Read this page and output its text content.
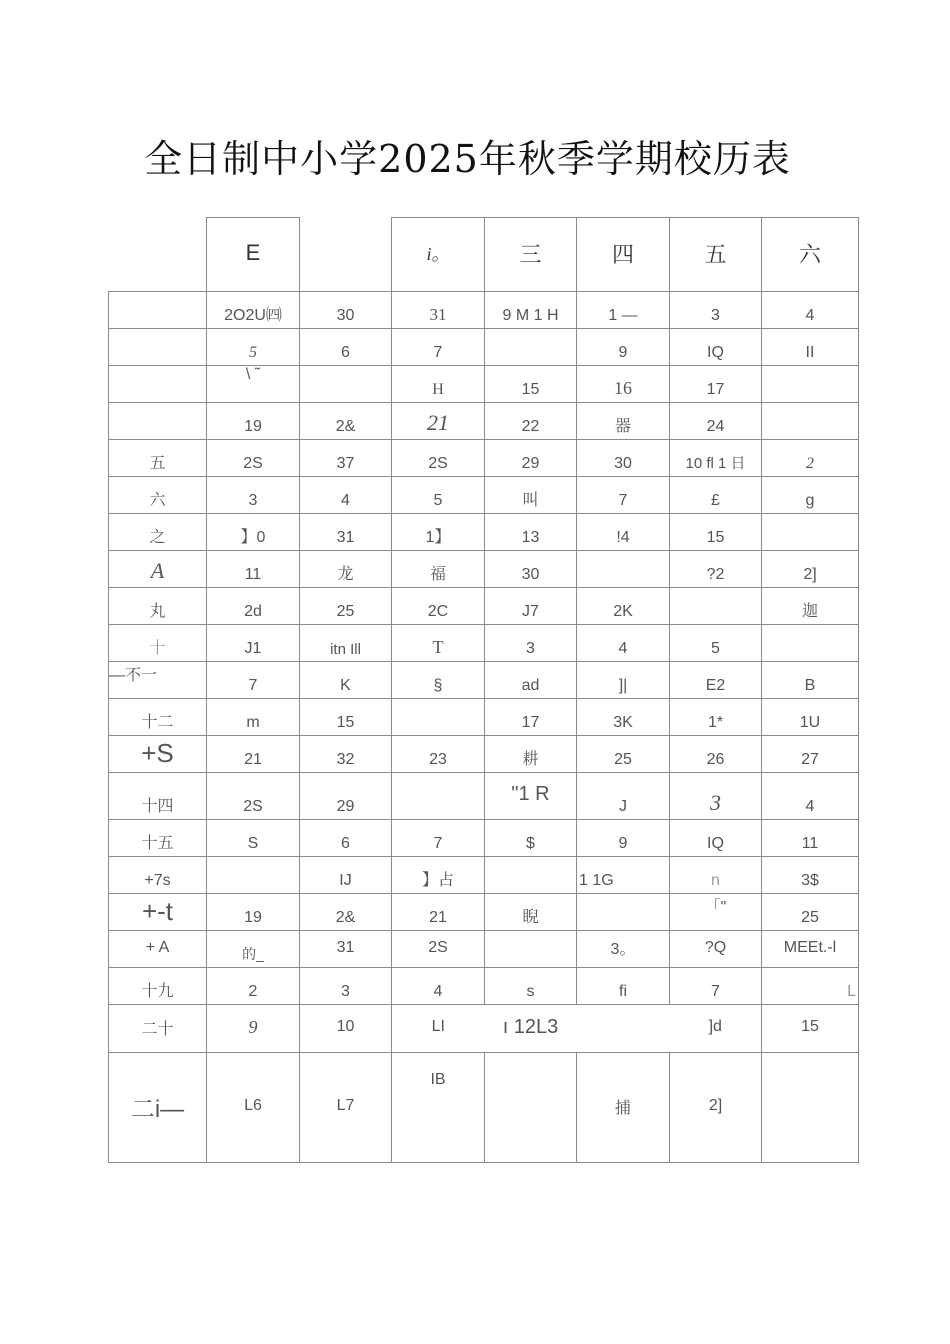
全日制中小学2025年秋季学期校历表
	E		i。	三	四	五	六
	2O2U㈣	30	31	9 M 1 H	1 —	3	4
	5	6	7		9	IQ	II
	\ ˜		H	15	16	17	
	19	2&	21	22	器	24	
五	2S	37	2S	29	30	10 fl 1 日	2
六	3	4	5	叫	7	£	g
之	】0	31	1】	13	!4	15	
A	11	龙	福	30		?2	2]
丸	2d	25	2C	J7	2K		迦
十	J1	itn Ill	T	3	4	5	
—不一	7	K	§	ad	]|	E2	B
十二	m	15		17	3K	1*	1U
+S	21	32	23	耕	25	26	27
十四	2S	29		"1 R	J	3	4
十五	S	6	7	$	9	IQ	11
+7s		IJ	】占		1 1G	n	3$
+-t	19	2&	21	睨		「"	25
+ A	的_	31	2S		3。	?Q	MEEt.-l
十九	2	3	4	s	fi	7	L
二十	9	10	LI	ı 12L3		]d	15
二i—	L6	L7	IB		捕	2]	
